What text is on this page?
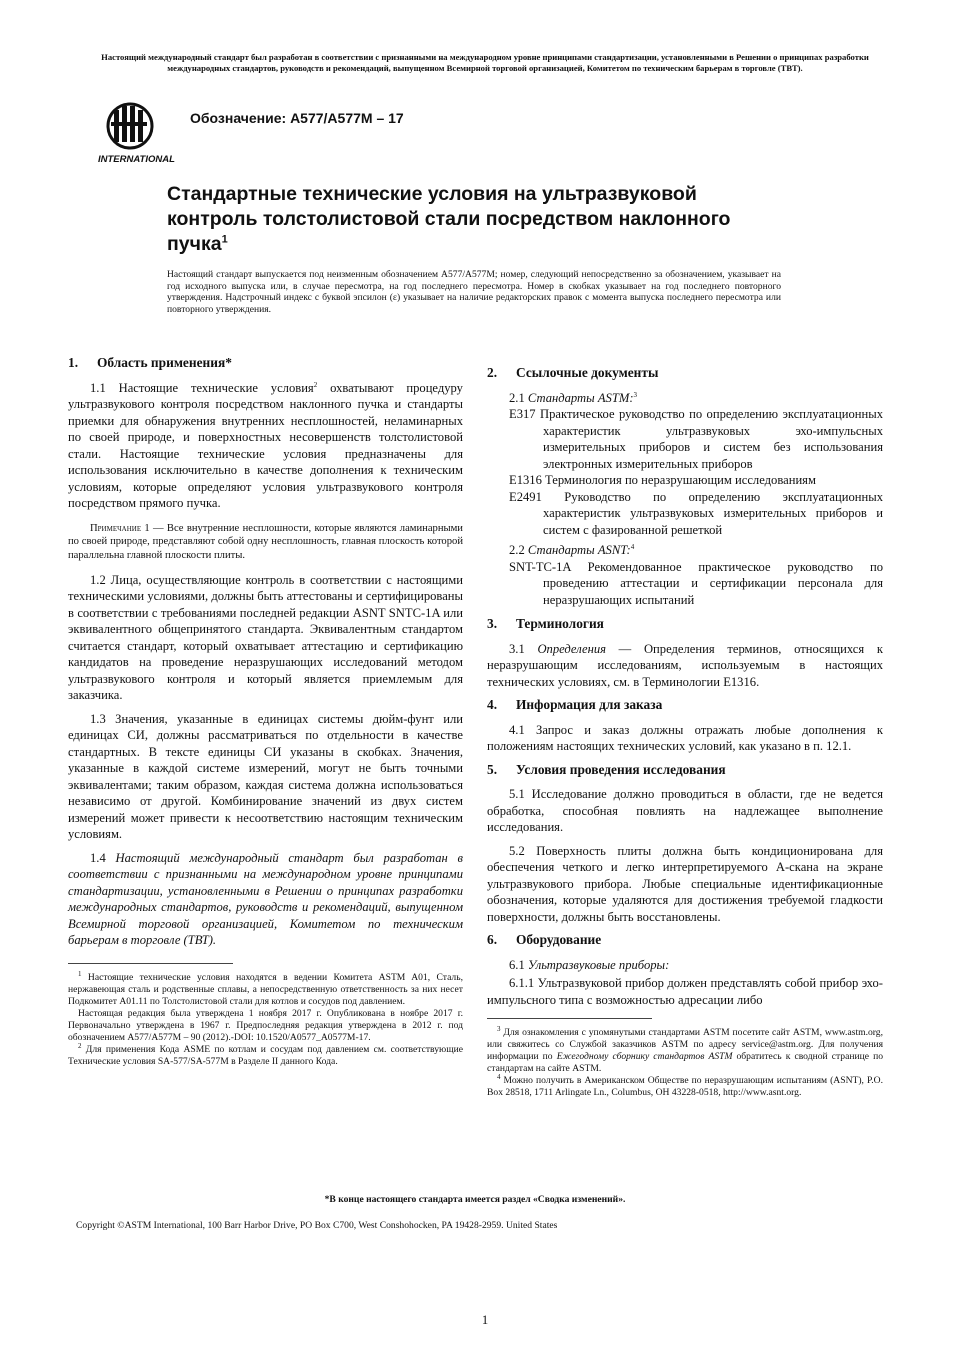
Настоящий международный стандарт был разработан в соответствии с признанными на международном уровне принципами стандартизации, установленными в Решении о принципах разработки международных стандартов, руководств и рекомендаций, выпущенном Всемирной торговой организацией, Комитетом по техническим барьерам в торговле (ТВТ).
INTERNATIONAL
Обозначение: A577/A577M – 17
Стандартные технические условия на ультразвуковой контроль толстолистовой стали посредством наклонного пучка$^1$
Настоящий стандарт выпускается под неизменным обозначением A577/A577M; номер, следующий непосредственно за обозначением, указывает на год исходного выпуска или, в случае пересмотра, на год последнего пересмотра. Номер в скобках указывает на год последнего повторного утверждения. Надстрочный индекс с буквой эпсилон (ε) указывает на наличие редакторских правок с момента выпуска последнего пересмотра или повторного утверждения.
1. Область применения*

1.1 Настоящие технические условия$^2$ охватывают процедуру ультразвукового контроля посредством наклонного пучка и стандарты приемки для обнаружения внутренних несплошностей, неламинарных по своей природе, и поверхностных несовершенств толстолистовой стали. Настоящие технические условия предназначены для использования исключительно в качестве дополнения к техническим условиям, которые определяют условия ультразвукового контроля посредством прямого пучка.

Примечание 1 — Все внутренние несплошности, которые являются ламинарными по своей природе, представляют собой одну несплошность, главная плоскость которой параллельна главной плоскости плиты.

1.2 Лица, осуществляющие контроль в соответствии с настоящими техническими условиями, должны быть аттестованы и сертифицированы в соответствии с требованиями последней редакции ASNT SNTC-1A или эквивалентного общепринятого стандарта. Эквивалентным стандартом считается стандарт, который охватывает аттестацию и сертификацию кандидатов на проведение неразрушающих исследований методом ультразвукового контроля и который является приемлемым для заказчика.

1.3 Значения, указанные в единицах системы дюйм-фунт или единицах СИ, должны рассматриваться по отдельности в качестве стандартных. В тексте единицы СИ указаны в скобках. Значения, указанные в каждой системе измерений, могут не быть точными эквивалентами; таким образом, каждая система должна использоваться независимо от другой. Комбинирование значений из двух систем измерений может привести к несоответствию настоящим техническим условиям.

1.4 Настоящий международный стандарт был разработан в соответствии с признанными на международном уровне принципами стандартизации, установленными в Решении о принципах разработки международных стандартов, руководств и рекомендаций, выпущенном Всемирной торговой организацией, Комитетом по техническим барьерам в торговле (ТВТ).

$^1$ Настоящие технические условия находятся в ведении Комитета ASTM A01, Сталь, нержавеющая сталь и родственные сплавы, а непосредственную ответственность за них несет Подкомитет A01.11 по Толстолистовой стали для котлов и сосудов под давлением.

Настоящая редакция была утверждена 1 ноября 2017 г. Опубликована в ноябре 2017 г. Первоначально утверждена в 1967 г. Предпоследняя редакция утверждена в 2012 г. под обозначением A577/A577M – 90 (2012).-DOI: 10.1520/A0577_A0577M-17.

$^2$ Для применения Кода ASME по котлам и сосудам под давлением см. соответствующие Технические условия SA-577/SA-577M в Разделе II данного Кода.

2. Ссылочные документы

2.1 Стандарты ASTM:$^3$

E317 Практическое руководство по определению эксплуатационных характеристик ультразвуковых эхо-импульсных измерительных приборов и систем без использования электронных измерительных приборов

E1316 Терминология по неразрушающим исследованиям

E2491 Руководство по определению эксплуатационных характеристик ультразвуковых измерительных приборов и систем с фазированной решеткой

2.2 Стандарты ASNT:$^4$

SNT-TC-1A Рекомендованное практическое руководство по проведению аттестации и сертификации персонала для неразрушающих испытаний

3. Терминология

3.1 Определения — Определения терминов, относящихся к неразрушающим исследованиям, используемым в настоящих технических условиях, см. в Терминологии E1316.

4. Информация для заказа

4.1 Запрос и заказ должны отражать любые дополнения к положениям настоящих технических условий, как указано в п. 12.1.

5. Условия проведения исследования

5.1 Исследование должно проводиться в области, где не ведется обработка, способная повлиять на надлежащее выполнение исследования.

5.2 Поверхность плиты должна быть кондиционирована для обеспечения четкого и легко интерпретируемого A-скана на экране ультразвукового прибора. Любые специальные идентификационные обозначения, которые удаляются для достижения требуемой гладкости поверхности, должны быть восстановлены.

6. Оборудование

6.1 Ультразвуковые приборы:

6.1.1 Ультразвуковой прибор должен представлять собой прибор эхо-импульсного типа с возможностью адресации либо

$^3$ Для ознакомления с упомянутыми стандартами ASTM посетите сайт ASTM, www.astm.org, или свяжитесь со Службой заказчиков ASTM по адресу service@astm.org. Для получения информации по Ежегодному сборнику стандартов ASTM обратитесь к сводной странице по стандартам на сайте ASTM.

$^4$ Можно получить в Американском Обществе по неразрушающим испытаниям (ASNT), P.O. Box 28518, 1711 Arlingate Ln., Columbus, OH 43228-0518, http://www.asnt.org.

*В конце настоящего стандарта имеется раздел «Сводка изменений».
Copyright ©ASTM International, 100 Barr Harbor Drive, PO Box C700, West Conshohocken, PA 19428-2959. United States
1
